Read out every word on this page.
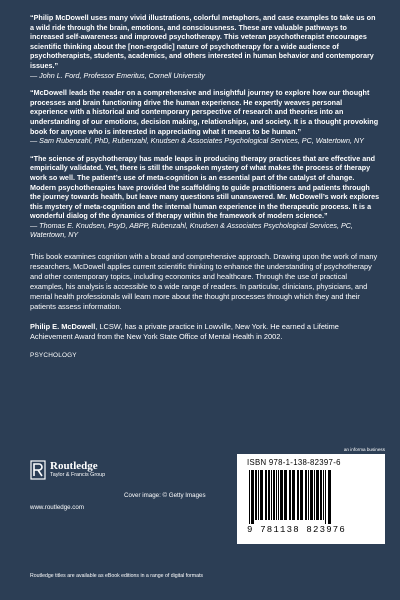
“Philip McDowell uses many vivid illustrations, colorful metaphors, and case examples to take us on a wild ride through the brain, emotions, and consciousness. These are valuable pathways to increased self-awareness and improved psychotherapy. This veteran psychotherapist encourages scientific thinking about the [non-ergodic] nature of psychotherapy for a wide audience of psychotherapists, students, academics, and others interested in human behavior and contemporary issues.”

— John L. Ford, Professor Emeritus, Cornell University

“McDowell leads the reader on a comprehensive and insightful journey to explore how our thought processes and brain functioning drive the human experience. He expertly weaves personal experience with a historical and contemporary perspective of research and theories into an understanding of our emotions, decision making, relationships, and society. It is a thought provoking book for anyone who is interested in appreciating what it means to be human.”

— Sam Rubenzahl, PhD, Rubenzahl, Knudsen & Associates Psychological Services, PC, Watertown, NY

“The science of psychotherapy has made leaps in producing therapy practices that are effective and empirically validated. Yet, there is still the unspoken mystery of what makes the process of therapy work so well. The patient’s use of meta-cognition is an essential part of the catalyst of change. Modern psychotherapies have provided the scaffolding to guide practitioners and patients through the journey towards health, but leave many questions still unanswered. Mr. McDowell’s work explores this mystery of meta-cognition and the internal human experience in the therapeutic process. It is a wonderful dialog of the dynamics of therapy within the framework of modern science.”

— Thomas E. Knudsen, PsyD, ABPP, Rubenzahl, Knudsen & Associates Psychological Services, PC, Watertown, NY

This book examines cognition with a broad and comprehensive approach. Drawing upon the work of many researchers, McDowell applies current scientific thinking to enhance the understanding of psychotherapy and other contemporary topics, including economics and healthcare. Through the use of practical examples, his analysis is accessible to a wide range of readers. In particular, clinicians, physicians, and mental health professionals will learn more about the thought processes through which they and their patients assess information.

Philip E. McDowell, LCSW, has a private practice in Lowville, New York. He earned a Lifetime Achievement Award from the New York State Office of Mental Health in 2002.

PSYCHOLOGY

Routledge
Taylor & Francis Group
www.routledge.com
Cover image: © Getty Images
an informa business
ISBN 978-1-138-82397-6
9 781138 823976
Routledge titles are available as eBook editions in a range of digital formats
